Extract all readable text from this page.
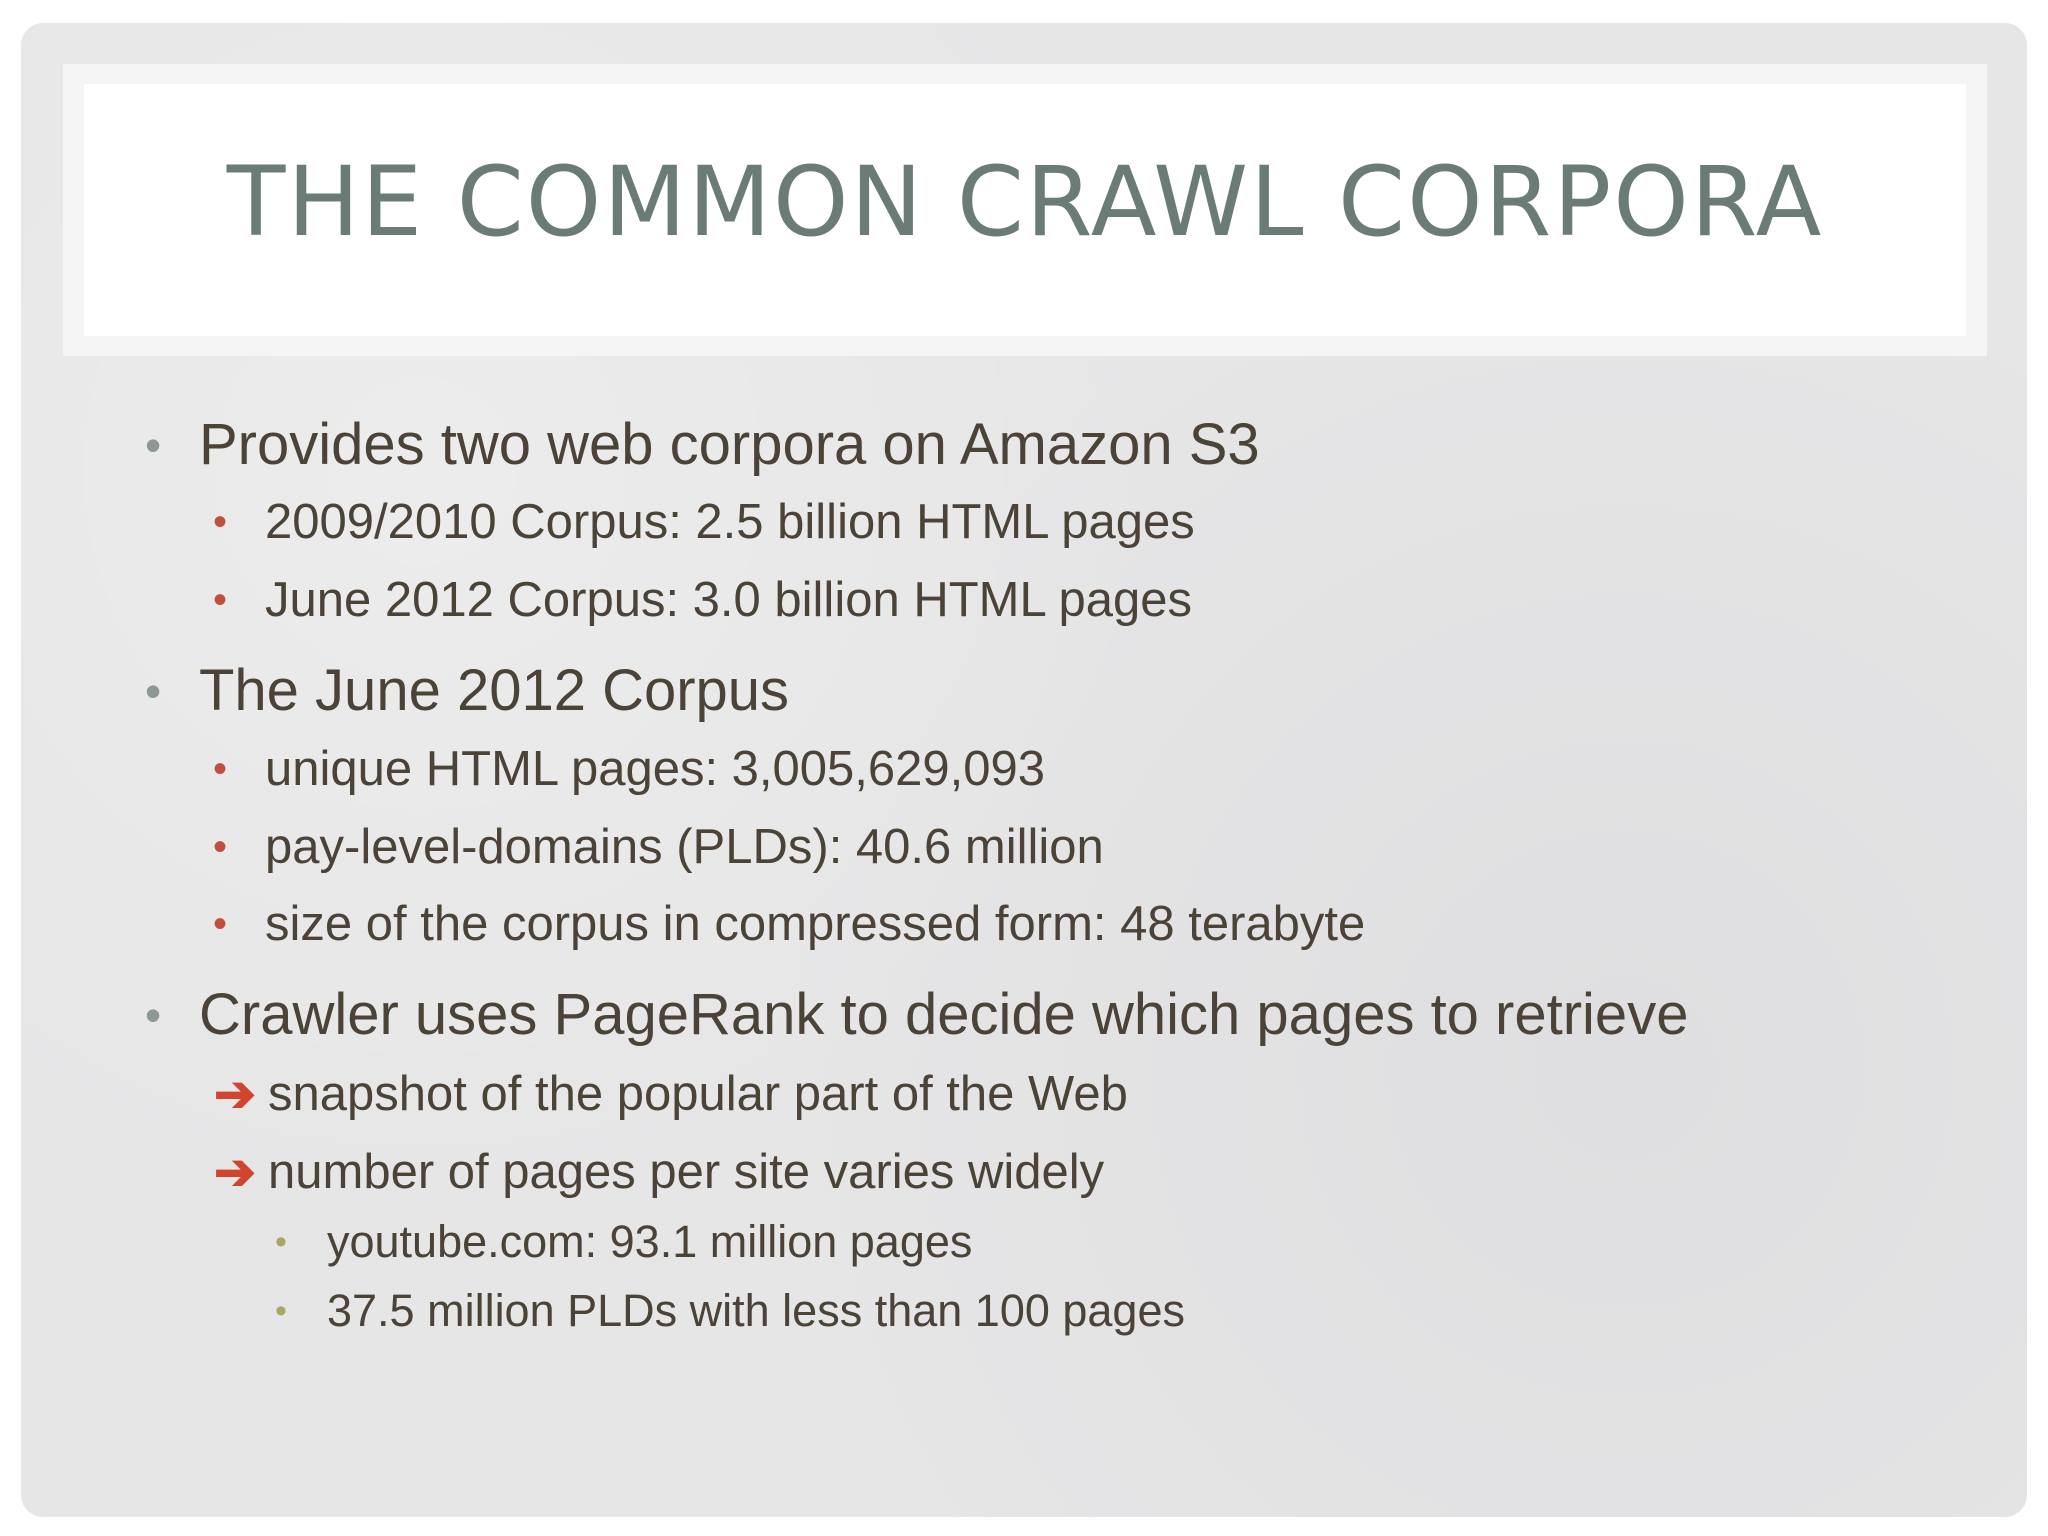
THE COMMON CRAWL CORPORA
• Provides two web corpora on Amazon S3
• 2009/2010 Corpus: 2.5 billion HTML pages
• June 2012 Corpus: 3.0 billion HTML pages
• The June 2012 Corpus
• unique HTML pages: 3,005,629,093
• pay-level-domains (PLDs): 40.6 million
• size of the corpus in compressed form: 48 terabyte
• Crawler uses PageRank to decide which pages to retrieve
➔ snapshot of the popular part of the Web
➔ number of pages per site varies widely
• youtube.com: 93.1 million pages
• 37.5 million PLDs with less than 100 pages
